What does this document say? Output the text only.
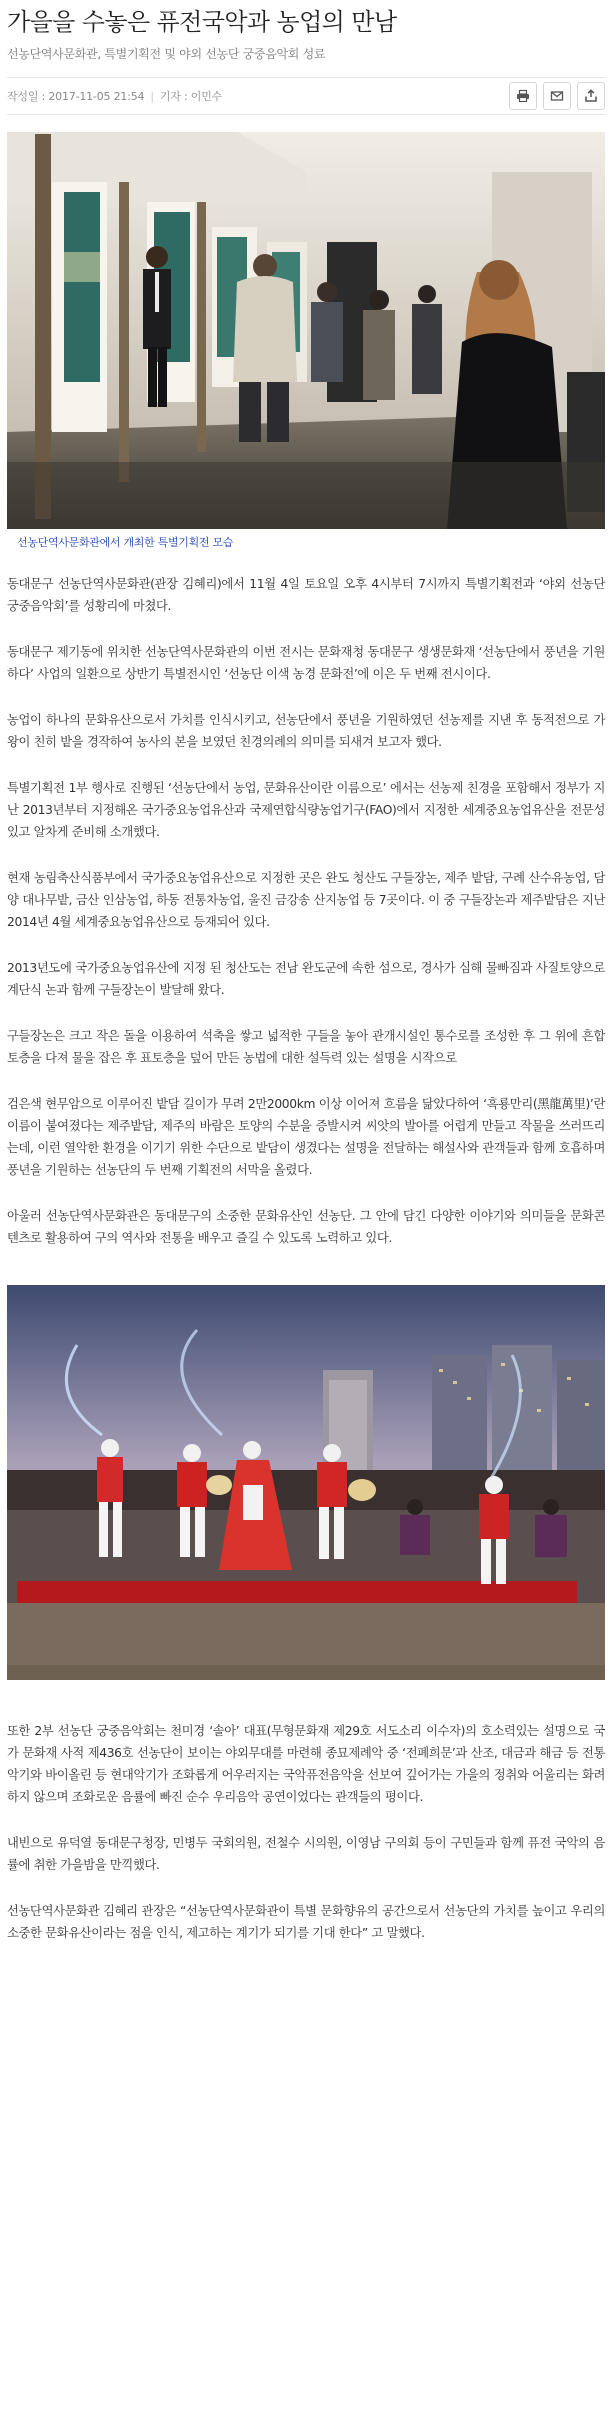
가을을 수놓은 퓨전국악과 농업의 만남
선농단역사문화관, 특별기획전 및 야외 선농단 궁중음악회 성료
작성일 : 2017-11-05 21:54 | 기자 : 이민수
선농단역사문화관에서 개최한 특별기획전 모습

동대문구 선농단역사문화관(관장 김혜리)에서 11월 4일 토요일 오후 4시부터 7시까지 특별기획전과 ‘야외 선농단 궁중음악회’를 성황리에 마쳤다.

동대문구 제기동에 위치한 선농단역사문화관의 이번 전시는 문화재청 동대문구 생생문화재 ‘선농단에서 풍년을 기원하다’ 사업의 일환으로 상반기 특별전시인 ‘선농단 이색 농경 문화전’에 이은 두 번째 전시이다.

농업이 하나의 문화유산으로서 가치를 인식시키고, 선농단에서 풍년을 기원하였던 선농제를 지낸 후 동적전으로 가 왕이 친히 밭을 경작하여 농사의 본을 보였던 친경의례의 의미를 되새겨 보고자 했다.

특별기획전 1부 행사로 진행된 ‘선농단에서 농업, 문화유산이란 이름으로’ 에서는 선농제 친경을 포함해서 정부가 지난 2013년부터 지정해온 국가중요농업유산과 국제연합식량농업기구(FAO)에서 지정한 세계중요농업유산을 전문성 있고 알차게 준비해 소개했다.

현재 농림축산식품부에서 국가중요농업유산으로 지정한 곳은 완도 청산도 구들장논, 제주 밭담, 구례 산수유농업, 담양 대나무밭, 금산 인삼농업, 하동 전통차농업, 울진 금강송 산지농업 등 7곳이다. 이 중 구들장논과 제주밭담은 지난 2014년 4월 세계중요농업유산으로 등재되어 있다.

2013년도에 국가중요농업유산에 지정 된 청산도는 전남 완도군에 속한 섬으로, 경사가 심해 물빠짐과 사질토양으로 계단식 논과 함께 구들장논이 발달해 왔다.

구들장논은 크고 작은 돌을 이용하여 석축을 쌓고 넓적한 구들을 놓아 관개시설인 통수로를 조성한 후 그 위에 흔합토층을 다져 물을 잡은 후 표토층을 덮어 만든 농법에 대한 설득력 있는 설명을 시작으로

검은색 현무암으로 이루어진 밭담 길이가 무려 2만2000km 이상 이어져 흐름을 닮았다하여 ‘흑룡만리(黑龍萬里)’란 이름이 붙여졌다는 제주밭담, 제주의 바람은 토양의 수분을 증발시켜 씨앗의 발아를 어렵게 만들고 작물을 쓰러뜨리는데, 이런 열악한 환경을 이기기 위한 수단으로 밭담이 생겼다는 설명을 전달하는 해설사와 관객들과 함께 호흡하며 풍년을 기원하는 선농단의 두 번째 기획전의 서막을 올렸다.

아울러 선농단역사문화관은 동대문구의 소중한 문화유산인 선농단. 그 안에 담긴 다양한 이야기와 의미들을 문화콘텐츠로 활용하여 구의 역사와 전통을 배우고 즐길 수 있도록 노력하고 있다.

또한 2부 선농단 궁중음악회는 천미경 ‘솔아’ 대표(무형문화재 제29호 서도소리 이수자)의 호소력있는 설명으로 국가 문화재 사적 제436호 선농단이 보이는 야외무대를 마련해 종묘제례악 중 ‘전폐희문’과 산조, 대금과 해금 등 전통악기와 바이올린 등 현대악기가 조화롭게 어우러지는 국악퓨전음악을 선보여 깊어가는 가을의 정취와 어울리는 화려하지 않으며 조화로운 음률에 빠진 순수 우리음악 공연이었다는 관객들의 평이다.

내빈으로 유덕열 동대문구청장, 민병두 국회의원, 전철수 시의원, 이영남 구의회 등이 구민들과 함께 퓨전 국악의 음률에 취한 가을밤을 만끽했다.

선농단역사문화관 김혜리 관장은 “선농단역사문화관이 특별 문화향유의 공간으로서 선농단의 가치를 높이고 우리의 소중한 문화유산이라는 점을 인식, 제고하는 계기가 되기를 기대 한다” 고 말했다.
